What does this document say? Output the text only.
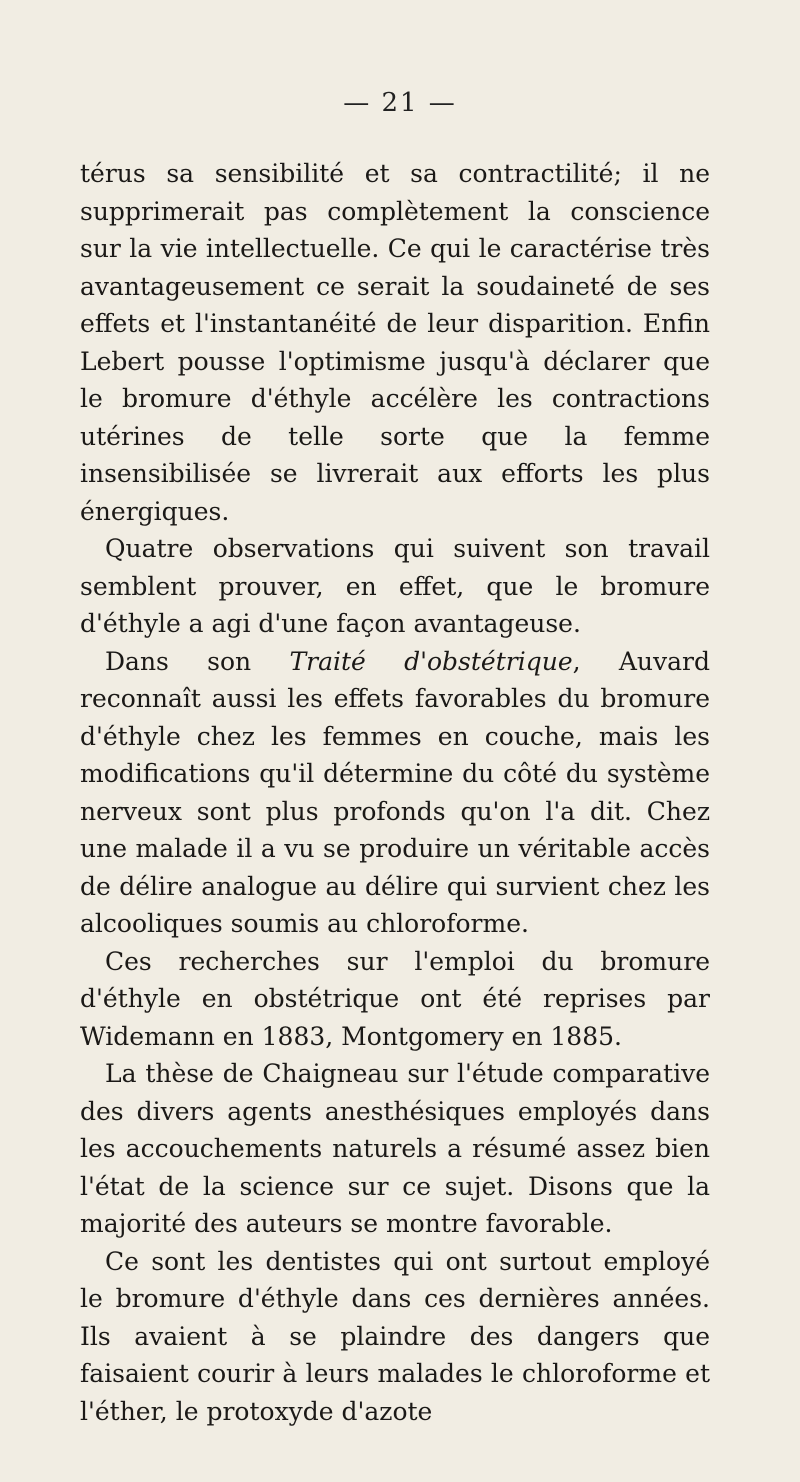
— 21 —

térus sa sensibilité et sa contractilité; il ne supprimerait pas complètement la conscience sur la vie intellectuelle. Ce qui le caractérise très avantageusement ce serait la soudaineté de ses effets et l'instantanéité de leur disparition. Enfin Lebert pousse l'optimisme jusqu'à déclarer que le bromure d'éthyle accélère les contractions utérines de telle sorte que la femme insensibilisée se livrerait aux efforts les plus énergiques.

Quatre observations qui suivent son travail semblent prouver, en effet, que le bromure d'éthyle a agi d'une façon avantageuse.

Dans son Traité d'obstétrique, Auvard reconnaît aussi les effets favorables du bromure d'éthyle chez les femmes en couche, mais les modifications qu'il détermine du côté du système nerveux sont plus profonds qu'on l'a dit. Chez une malade il a vu se produire un véritable accès de délire analogue au délire qui survient chez les alcooliques soumis au chloroforme.

Ces recherches sur l'emploi du bromure d'éthyle en obstétrique ont été reprises par Widemann en 1883, Montgomery en 1885.

La thèse de Chaigneau sur l'étude comparative des divers agents anesthésiques employés dans les accouchements naturels a résumé assez bien l'état de la science sur ce sujet. Disons que la majorité des auteurs se montre favorable.

Ce sont les dentistes qui ont surtout employé le bromure d'éthyle dans ces dernières années. Ils avaient à se plaindre des dangers que faisaient courir à leurs malades le chloroforme et l'éther, le protoxyde d'azote
